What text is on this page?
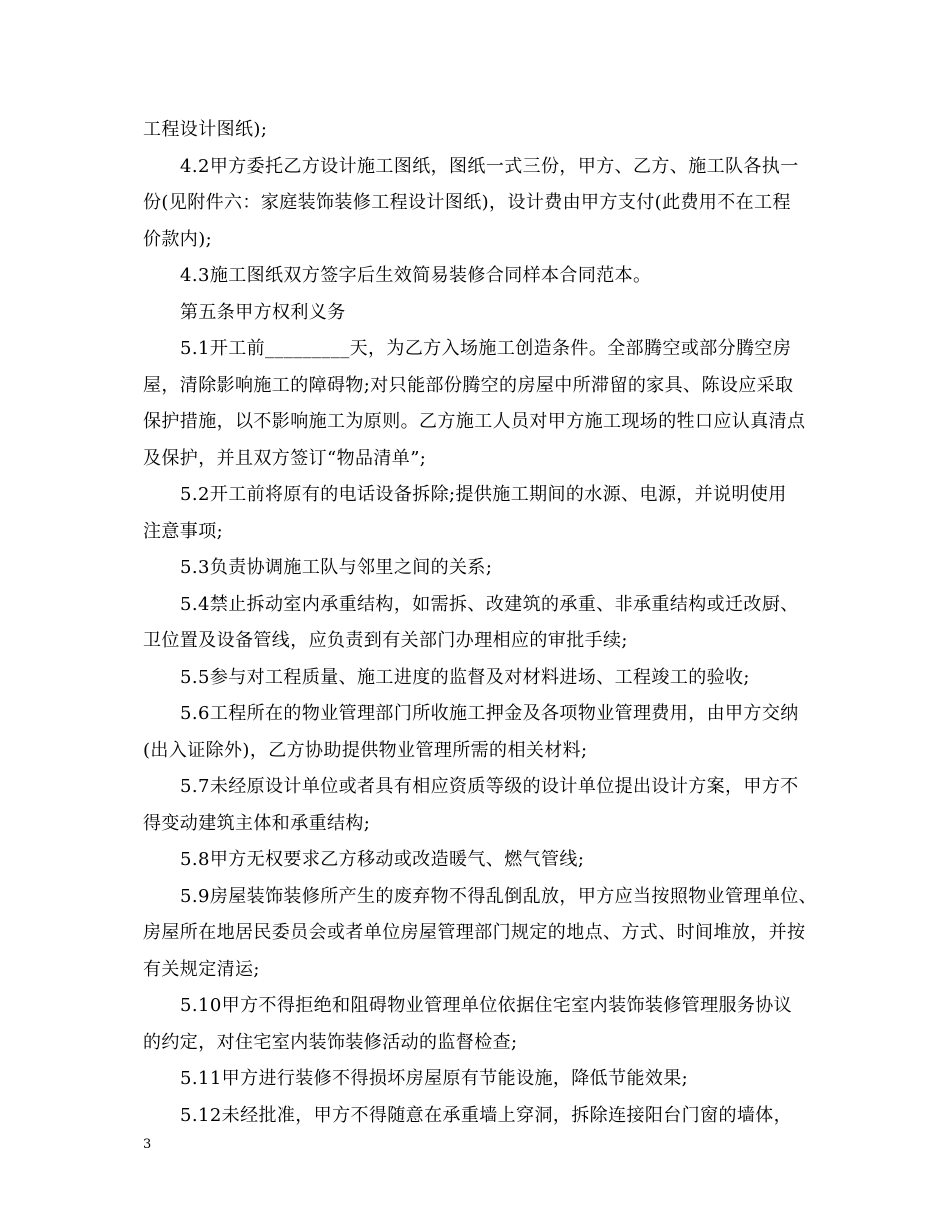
工程设计图纸);
4.2甲方委托乙方设计施工图纸，图纸一式三份，甲方、乙方、施工队各执一
份(见附件六：家庭装饰装修工程设计图纸)，设计费由甲方支付(此费用不在工程
价款内);
4.3施工图纸双方签字后生效简易装修合同样本合同范本。
第五条甲方权利义务
5.1开工前_________天，为乙方入场施工创造条件。全部腾空或部分腾空房
屋，清除影响施工的障碍物;对只能部份腾空的房屋中所滞留的家具、陈设应采取
保护措施，以不影响施工为原则。乙方施工人员对甲方施工现场的牲口应认真清点
及保护，并且双方签订“物品清单”;
5.2开工前将原有的电话设备拆除;提供施工期间的水源、电源，并说明使用
注意事项;
5.3负责协调施工队与邻里之间的关系;
5.4禁止拆动室内承重结构，如需拆、改建筑的承重、非承重结构或迁改厨、
卫位置及设备管线，应负责到有关部门办理相应的审批手续;
5.5参与对工程质量、施工进度的监督及对材料进场、工程竣工的验收;
5.6工程所在的物业管理部门所收施工押金及各项物业管理费用，由甲方交纳
(出入证除外)，乙方协助提供物业管理所需的相关材料;
5.7未经原设计单位或者具有相应资质等级的设计单位提出设计方案，甲方不
得变动建筑主体和承重结构;
5.8甲方无权要求乙方移动或改造暖气、燃气管线;
5.9房屋装饰装修所产生的废弃物不得乱倒乱放，甲方应当按照物业管理单位、
房屋所在地居民委员会或者单位房屋管理部门规定的地点、方式、时间堆放，并按
有关规定清运;
5.10甲方不得拒绝和阻碍物业管理单位依据住宅室内装饰装修管理服务协议
的约定，对住宅室内装饰装修活动的监督检查;
5.11甲方进行装修不得损坏房屋原有节能设施，降低节能效果;
5.12未经批准，甲方不得随意在承重墙上穿洞，拆除连接阳台门窗的墙体，
3
